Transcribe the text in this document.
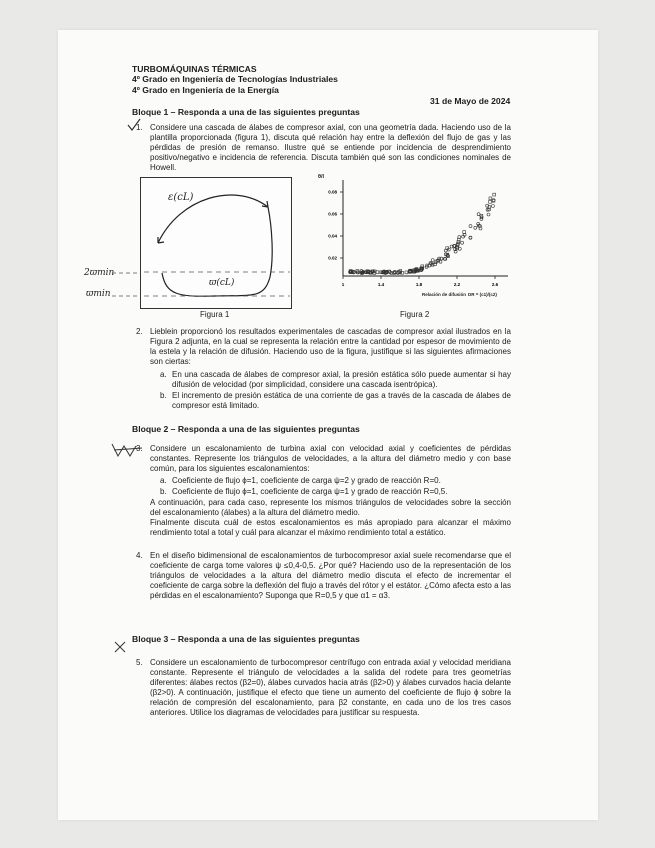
TURBOMÁQUINAS TÉRMICAS
4º Grado en Ingeniería de Tecnologías Industriales
4º Grado en Ingeniería de la Energía
31 de Mayo de 2024
Bloque 1 – Responda a una de las siguientes preguntas
1. Considere una cascada de álabes de compresor axial, con una geometría dada. Haciendo uso de la plantilla proporcionada (figura 1), discuta qué relación hay entre la deflexión del flujo de gas y las pérdidas de presión de remanso. Ilustre qué se entiende por incidencia de desprendimiento positivo/negativo e incidencia de referencia. Discuta también qué son las condiciones nominales de Howell.
ε(cL)
ϖ(cL)
2ϖmin
ϖmin
Figura 1
0.08
0.06
0.04
0.02
1	1.4	1.8	2.2	2.6
θ/l
Relación de difusión DR = (c1)/(c2)
Figura 2
2. Lieblein proporcionó los resultados experimentales de cascadas de compresor axial ilustrados en la Figura 2 adjunta, en la cual se representa la relación entre la cantidad por espesor de movimiento de la estela y la relación de difusión. Haciendo uso de la figura, justifique si las siguientes afirmaciones son ciertas:
a. En una cascada de álabes de compresor axial, la presión estática sólo puede aumentar si hay difusión de velocidad (por simplicidad, considere una cascada isentrópica).
b. El incremento de presión estática de una corriente de gas a través de la cascada de álabes de compresor está limitado.
Bloque 2 – Responda a una de las siguientes preguntas
3. Considere un escalonamiento de turbina axial con velocidad axial y coeficientes de pérdidas constantes. Represente los triángulos de velocidades, a la altura del diámetro medio y con base común, para los siguientes escalonamientos:
a. Coeficiente de flujo ϕ=1, coeficiente de carga ψ=2 y grado de reacción R=0.
b. Coeficiente de flujo ϕ=1, coeficiente de carga ψ=1 y grado de reacción R=0,5.
A continuación, para cada caso, represente los mismos triángulos de velocidades sobre la sección del escalonamiento (álabes) a la altura del diámetro medio.
Finalmente discuta cuál de estos escalonamientos es más apropiado para alcanzar el máximo rendimiento total a total y cuál para alcanzar el máximo rendimiento total a estático.
4. En el diseño bidimensional de escalonamientos de turbocompresor axial suele recomendarse que el coeficiente de carga tome valores ψ ≤0,4-0,5. ¿Por qué? Haciendo uso de la representación de los triángulos de velocidades a la altura del diámetro medio discuta el efecto de incrementar el coeficiente de carga sobre la deflexión del flujo a través del rótor y el estátor. ¿Cómo afecta esto a las pérdidas en el escalonamiento? Suponga que R=0,5 y que α1 = α3.
Bloque 3 – Responda a una de las siguientes preguntas
5. Considere un escalonamiento de turbocompresor centrífugo con entrada axial y velocidad meridiana constante. Represente el triángulo de velocidades a la salida del rodete para tres geometrías diferentes: álabes rectos (β2=0), álabes curvados hacia atrás (β2>0) y álabes curvados hacia delante (β2>0). A continuación, justifique el efecto que tiene un aumento del coeficiente de flujo ϕ sobre la relación de compresión del escalonamiento, para β2 constante, en cada uno de los tres casos anteriores. Utilice los diagramas de velocidades para justificar su respuesta.
